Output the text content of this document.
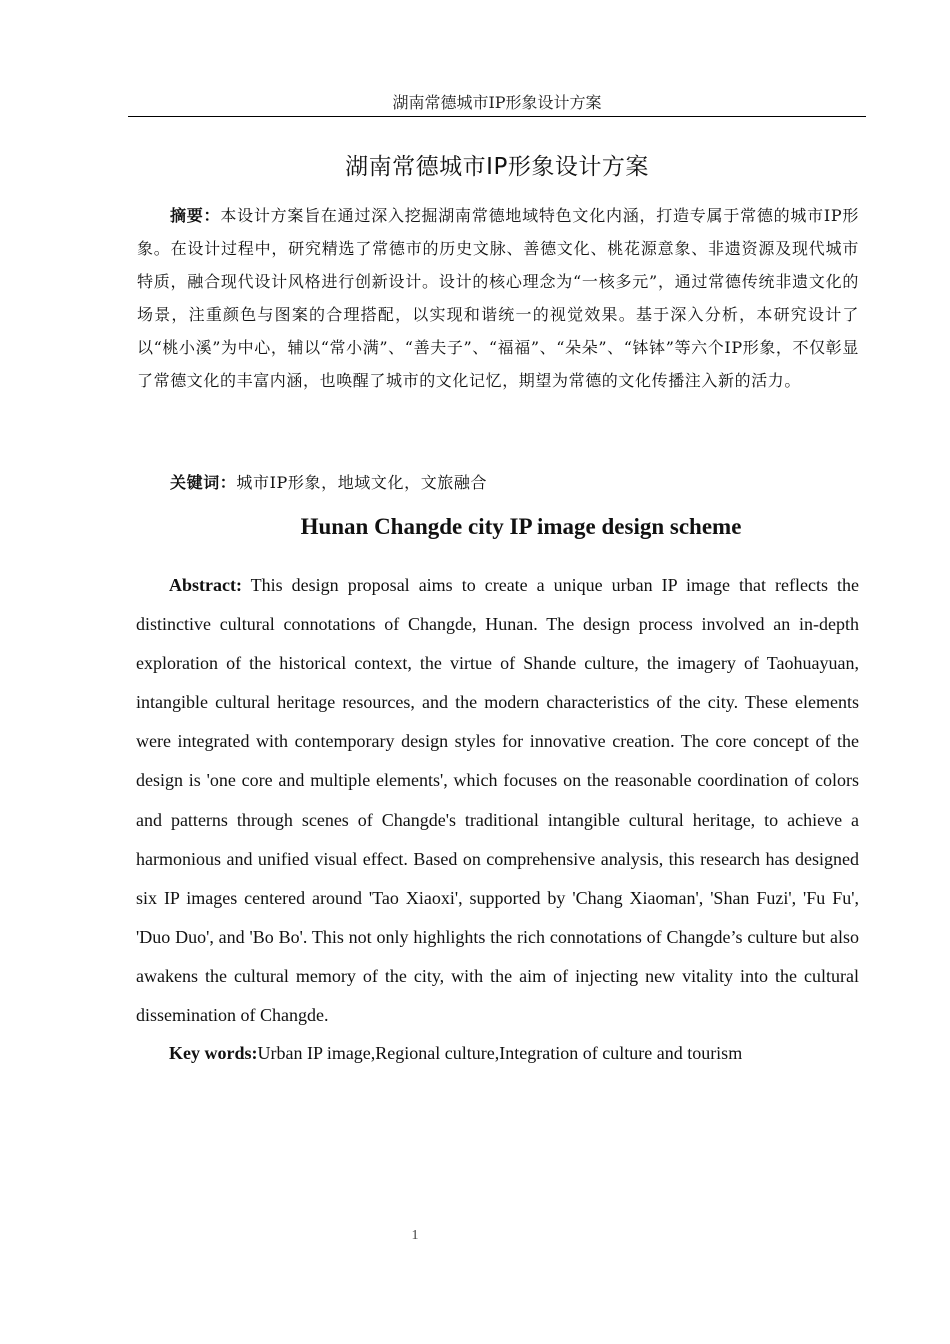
湖南常德城市IP形象设计方案
湖南常德城市IP形象设计方案

摘要：本设计方案旨在通过深入挖掘湖南常德地域特色文化内涵，打造专属于常德的城市IP形象。在设计过程中，研究精选了常德市的历史文脉、善德文化、桃花源意象、非遗资源及现代城市特质，融合现代设计风格进行创新设计。设计的核心理念为“一核多元”，通过常德传统非遗文化的场景，注重颜色与图案的合理搭配，以实现和谐统一的视觉效果。基于深入分析，本研究设计了以“桃小溪”为中心，辅以“常小满”、“善夫子”、“福福”、“朵朵”、“钵钵”等六个IP形象，不仅彰显了常德文化的丰富内涵，也唤醒了城市的文化记忆，期望为常德的文化传播注入新的活力。

关键词：城市IP形象，地域文化，文旅融合

Hunan Changde city IP image design scheme

Abstract: This design proposal aims to create a unique urban IP image that reflects the distinctive cultural connotations of Changde, Hunan. The design process involved an in-depth exploration of the historical context, the virtue of Shande culture, the imagery of Taohuayuan, intangible cultural heritage resources, and the modern characteristics of the city. These elements were integrated with contemporary design styles for innovative creation. The core concept of the design is 'one core and multiple elements', which focuses on the reasonable coordination of colors and patterns through scenes of Changde's traditional intangible cultural heritage, to achieve a harmonious and unified visual effect. Based on comprehensive analysis, this research has designed six IP images centered around 'Tao Xiaoxi', supported by 'Chang Xiaoman', 'Shan Fuzi', 'Fu Fu', 'Duo Duo', and 'Bo Bo'. This not only highlights the rich connotations of Changde’s culture but also awakens the cultural memory of the city, with the aim of injecting new vitality into the cultural dissemination of Changde.

Key words:Urban IP image,Regional culture,Integration of culture and tourism

1
